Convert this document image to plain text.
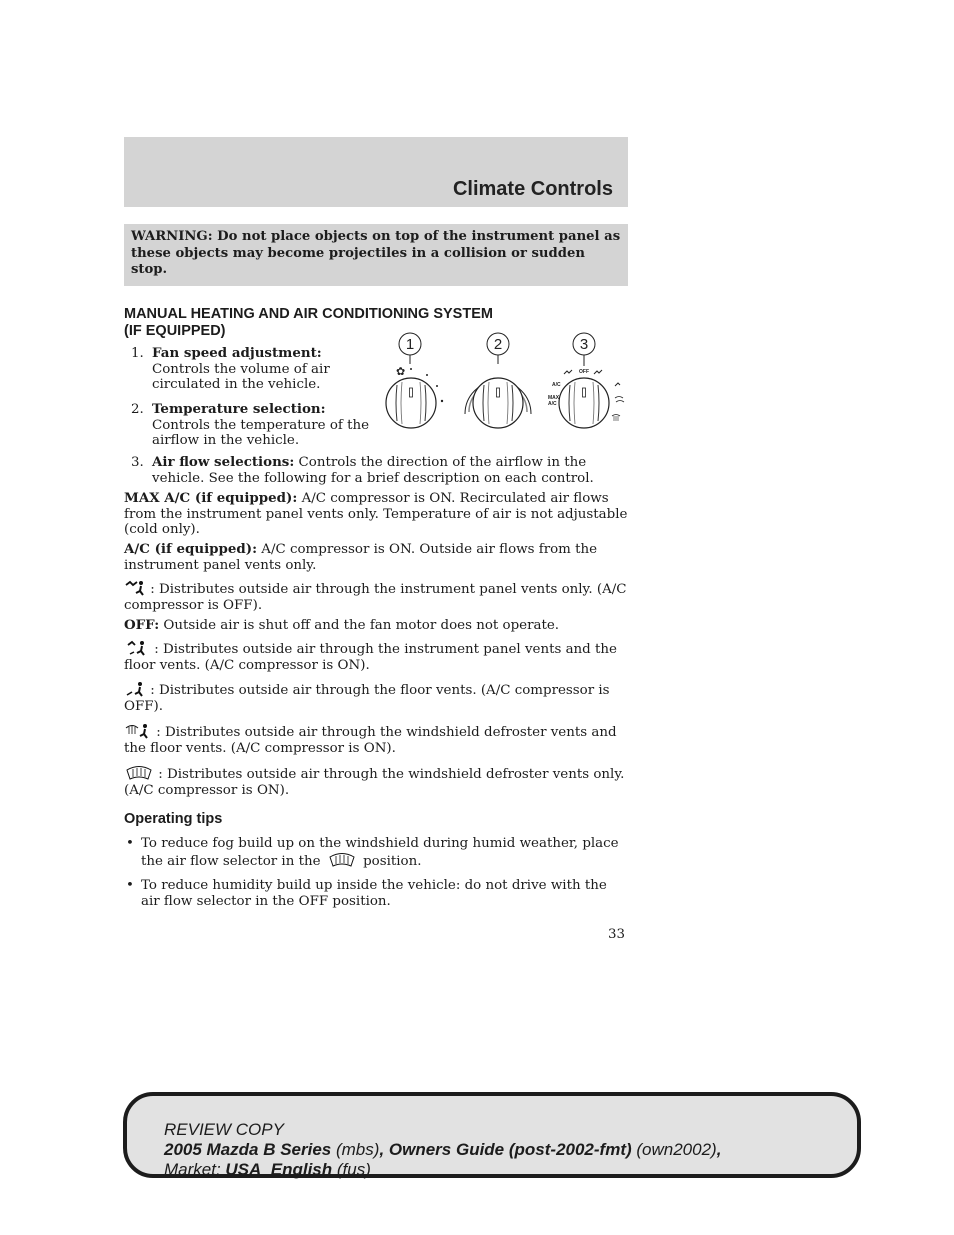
Climate Controls
WARNING: Do not place objects on top of the instrument panel as these objects may become projectiles in a collision or sudden stop.
MANUAL HEATING AND AIR CONDITIONING SYSTEM
(IF EQUIPPED)
1. Fan speed adjustment:
Controls the volume of air
circulated in the vehicle.
2. Temperature selection:
Controls the temperature of the
airflow in the vehicle.
3. Air flow selections: Controls the direction of the airflow in the
vehicle. See the following for a brief description on each control.
1	2	3
✿
A/C
OFF
MAX
A/C
MAX A/C (if equipped): A/C compressor is ON. Recirculated air flows from the instrument panel vents only. Temperature of air is not adjustable (cold only).
A/C (if equipped): A/C compressor is ON. Outside air flows from the instrument panel vents only.
: Distributes outside air through the instrument panel vents only. (A/C compressor is OFF).
OFF: Outside air is shut off and the fan motor does not operate.
: Distributes outside air through the instrument panel vents and the floor vents. (A/C compressor is ON).
: Distributes outside air through the floor vents. (A/C compressor is OFF).
: Distributes outside air through the windshield defroster vents and the floor vents. (A/C compressor is ON).
: Distributes outside air through the windshield defroster vents only. (A/C compressor is ON).
Operating tips
• To reduce fog build up on the windshield during humid weather, place
the air flow selector in the	position.
• To reduce humidity build up inside the vehicle: do not drive with the
air flow selector in the OFF position.
33
REVIEW COPY
2005 Mazda B Series (mbs), Owners Guide (post-2002-fmt) (own2002),
Market: USA_English (fus)
